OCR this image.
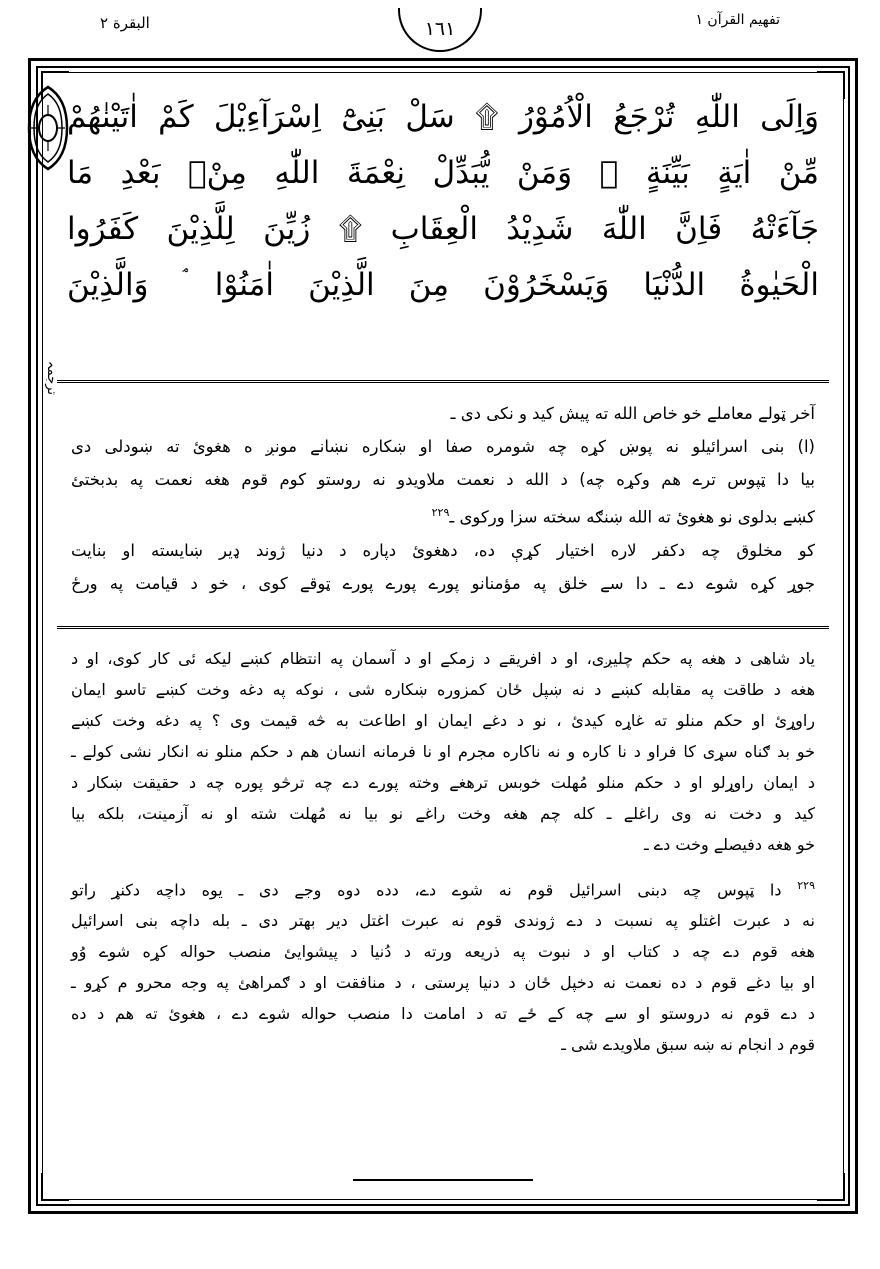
تفهيم القرآن ١
البقرة ٢	١٦١
وَاِلَى اللّٰهِ تُرْجَعُ الْاُمُوْرُ ۩ سَلْ بَنِىْٓ اِسْرَآءِيْلَ كَمْ اٰتَيْنٰهُمْ
مِّنْ اٰيَةٍ بَيِّنَةٍ ۭ وَمَنْ يُّبَدِّلْ نِعْمَةَ اللّٰهِ مِنْۢ بَعْدِ مَا
جَآءَتْهُ فَاِنَّ اللّٰهَ شَدِيْدُ الْعِقَابِ ۩ زُيِّنَ لِلَّذِيْنَ كَفَرُوا
الْحَيٰوةُ الدُّنْيَا وَيَسْخَرُوْنَ مِنَ الَّذِيْنَ اٰمَنُوْا ۘ وَالَّذِيْنَ
آخر ټولے معاملے خو خاص الله ته پیش کید و نکی دی ـ
(ا) بنی اسرائیلو نه پوښ کړه چه شومره صفا او ښکاره نښانے مونږ ه هغوئ ته ښودلی دی
بیا دا ټپوس ترے هم وکړه چه) د الله د نعمت ملاویدو نه روستو کوم قوم هغه نعمت په بدبختئ
کښے بدلوی نو هغوئ ته الله ښنګه سخته سزا ورکوی ـ$^{٢٢٩}$
کو مخلوق چه دکفر لاره اختیار کړې ده، دهغوئ دپاره د دنیا ژوند ډیر ښایسته او بنایت
جوړ کړه شوے دے ـ دا سے خلق په مؤمنانو پورے پورے پورے ټوقے کوی ، خو د قیامت په ورځ
یاد شاهی د هغه په حکم چلیږی، او د افریقے د زمکے او د آسمان په انتظام کښے لیکه ئی کار کوی، او د
هغه د طاقت په مقابله کښے د نه ښپل ځان کمزوره ښکاره شی ، نوکه په دغه وخت کښے تاسو ایمان
راوړئ او حکم منلو ته غاړه کیدئ ، نو د دغے ایمان او اطاعت به څه قیمت وی ؟ په دغه وخت کښے
خو بد ګناه سړی کا فراو د نا کاره و نه ناکاره مجرم او نا فرمانه انسان هم د حکم منلو نه انکار نشی کولے ـ
د ایمان راوړلو او د حکم منلو مُهلت خوبس ترهغے وخته پورے دے چه ترڅو پوره چه د حقیقت ښکار د
کید و دخت نه وی راغلے ـ کله چم هغه وخت راغے نو بیا نه مُهلت شته او نه آزمینت، بلکه بیا
خو هغه دفیصلے وخت دے ـ
$^{٢٢٩}$ دا ټپوس چه دبنی اسرائیل قوم نه شوے دے، دده دوه وجے دی ـ یوه داچه دکنړ راتو
نه د عبرت اغتلو په نسبت د دے ژوندی قوم نه عبرت اغتل دیر بهتر دی ـ بله داچه بنی اسرائیل
هغه قوم دے چه د کتاب او د نبوت په ذریعه ورته د دُنیا د پیشوایئ منصب حواله کړه شوے وُو
او بیا دغے قوم د ده نعمت نه دخپل ځان د دنیا پرستی ، د منافقت او د ګمراهئ په وجه محرو م کړو ـ
د دے قوم نه دروستو او سے چه کے ځے ته د امامت دا منصب حواله شوے دے ، هغوئ ته هم د ده
قوم د انجام نه ښه سبق ملاویدے شی ـ
ترجمہ
